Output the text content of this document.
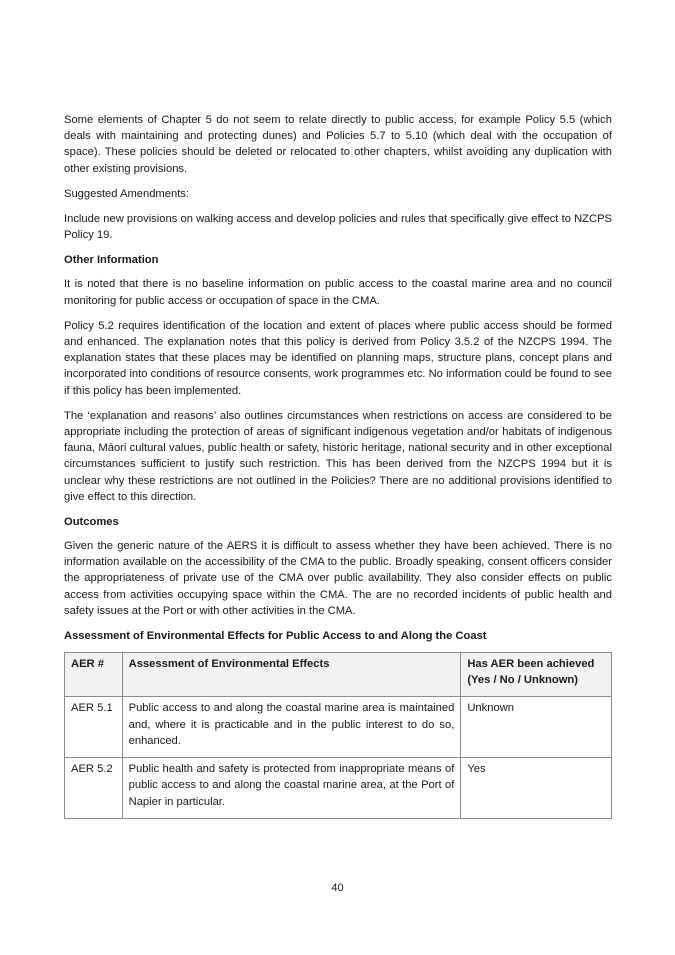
Some elements of Chapter 5 do not seem to relate directly to public access, for example Policy 5.5 (which deals with maintaining and protecting dunes) and Policies 5.7 to 5.10 (which deal with the occupation of space). These policies should be deleted or relocated to other chapters, whilst avoiding any duplication with other existing provisions.

Suggested Amendments:

Include new provisions on walking access and develop policies and rules that specifically give effect to NZCPS Policy 19.

Other Information

It is noted that there is no baseline information on public access to the coastal marine area and no council monitoring for public access or occupation of space in the CMA.

Policy 5.2 requires identification of the location and extent of places where public access should be formed and enhanced. The explanation notes that this policy is derived from Policy 3.5.2 of the NZCPS 1994. The explanation states that these places may be identified on planning maps, structure plans, concept plans and incorporated into conditions of resource consents, work programmes etc. No information could be found to see if this policy has been implemented.

The ‘explanation and reasons’ also outlines circumstances when restrictions on access are considered to be appropriate including the protection of areas of significant indigenous vegetation and/or habitats of indigenous fauna, Māori cultural values, public health or safety, historic heritage, national security and in other exceptional circumstances sufficient to justify such restriction. This has been derived from the NZCPS 1994 but it is unclear why these restrictions are not outlined in the Policies? There are no additional provisions identified to give effect to this direction.

Outcomes

Given the generic nature of the AERS it is difficult to assess whether they have been achieved. There is no information available on the accessibility of the CMA to the public. Broadly speaking, consent officers consider the appropriateness of private use of the CMA over public availability. They also consider effects on public access from activities occupying space within the CMA. The are no recorded incidents of public health and safety issues at the Port or with other activities in the CMA.

Assessment of Environmental Effects for Public Access to and Along the Coast
AER #	Assessment of Environmental Effects	Has AER been achieved (Yes / No / Unknown)
AER 5.1	Public access to and along the coastal marine area is maintained and, where it is practicable and in the public interest to do so, enhanced.	Unknown
AER 5.2	Public health and safety is protected from inappropriate means of public access to and along the coastal marine area, at the Port of Napier in particular.	Yes
40
